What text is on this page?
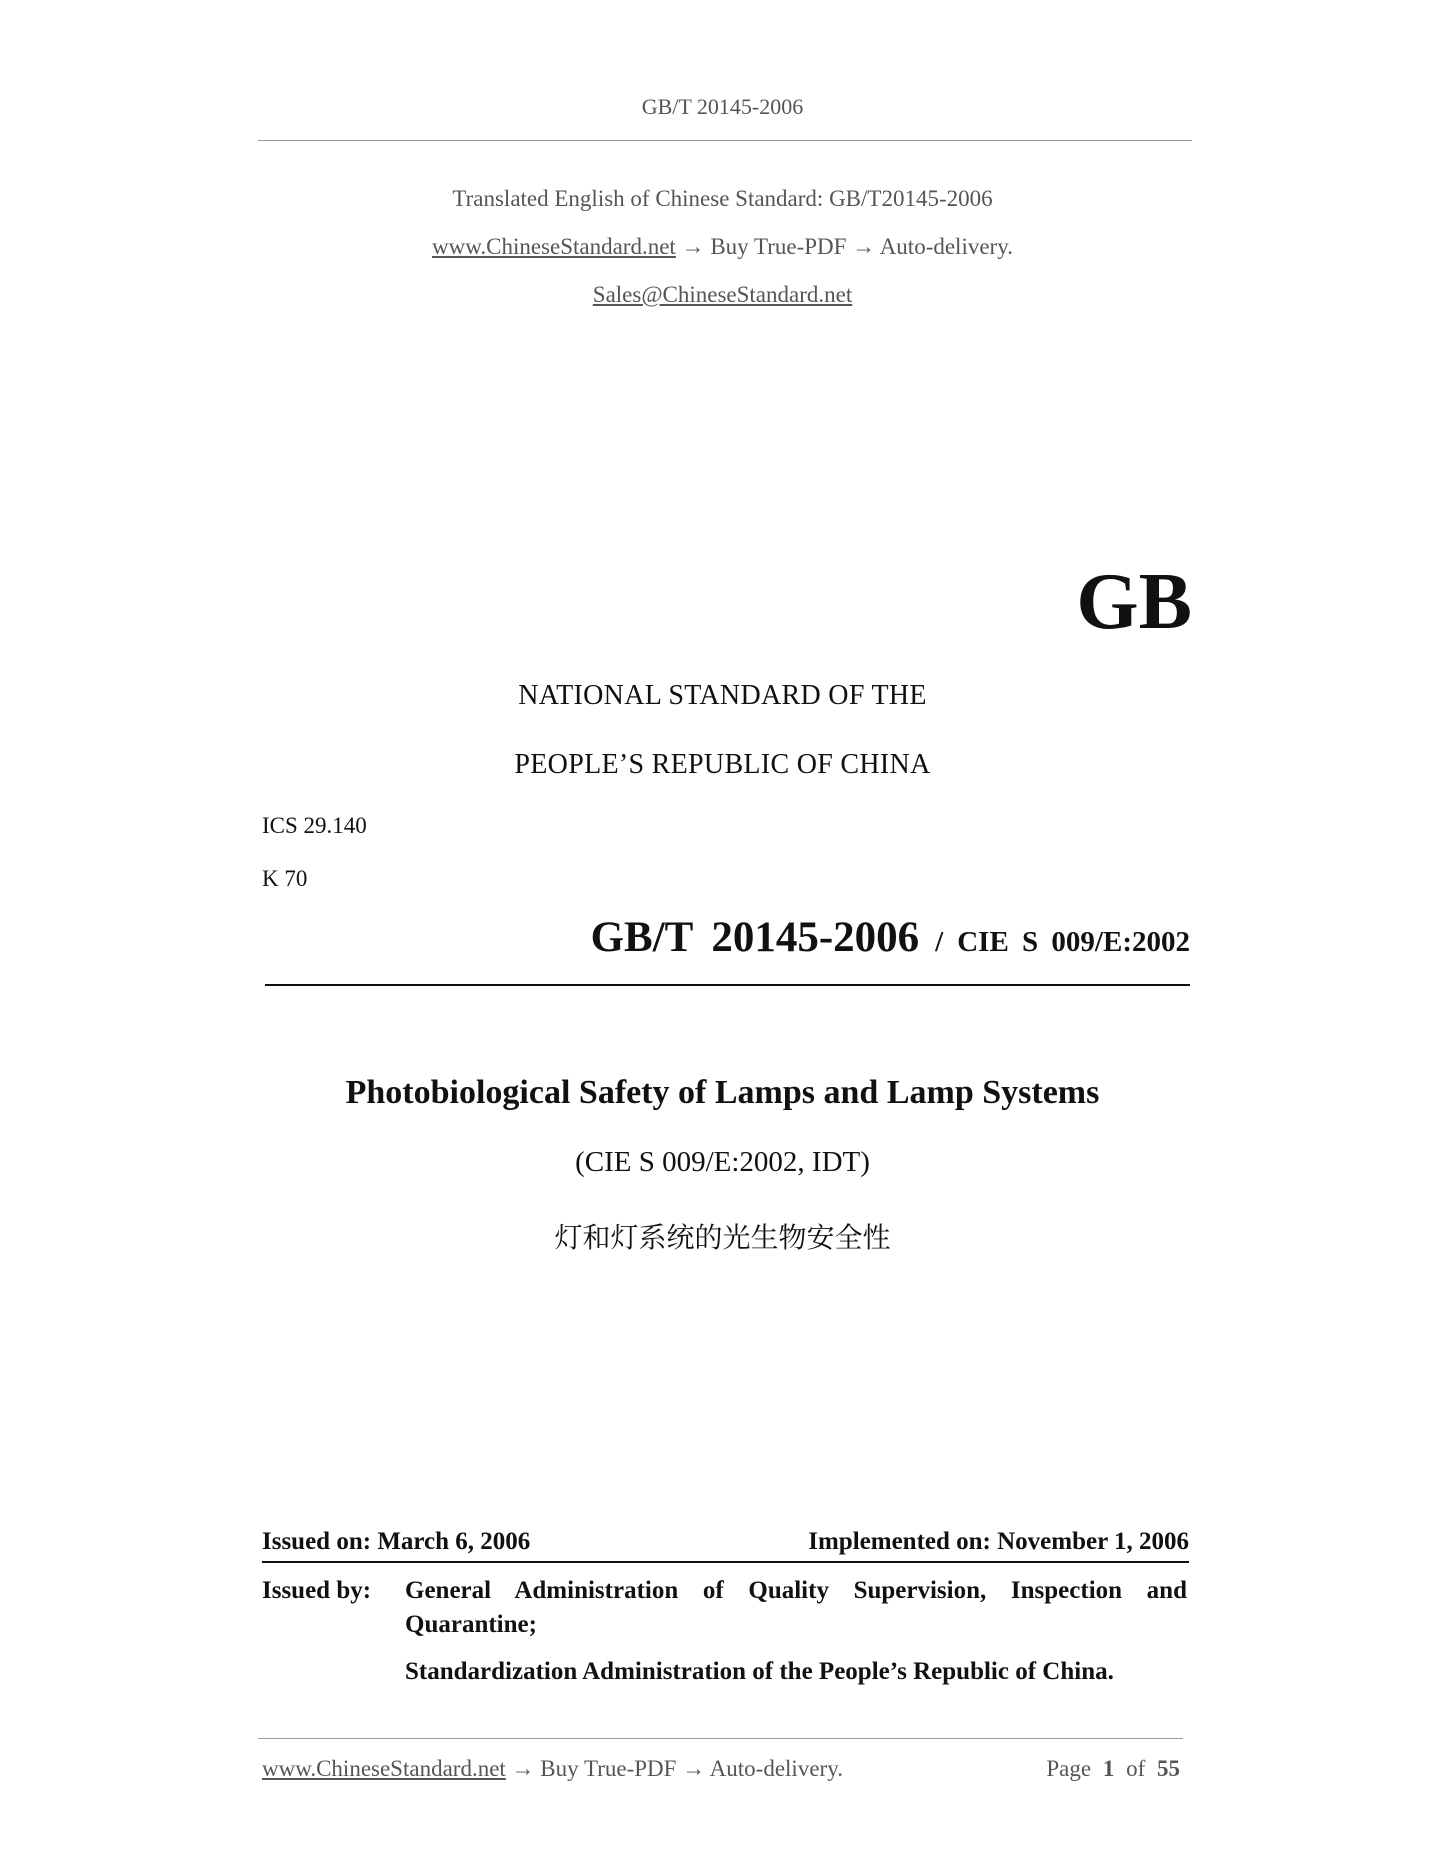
GB/T 20145-2006
Translated English of Chinese Standard: GB/T20145-2006
www.ChineseStandard.net → Buy True-PDF → Auto-delivery.
Sales@ChineseStandard.net
GB
NATIONAL STANDARD OF THE
PEOPLE’S REPUBLIC OF CHINA
ICS 29.140
K 70
GB/T 20145-2006 / CIE S 009/E:2002
Photobiological Safety of Lamps and Lamp Systems
(CIE S 009/E:2002, IDT)
灯和灯系统的光生物安全性
Issued on: March 6, 2006	Implemented on: November 1, 2006
Issued by: General Administration of Quality Supervision, Inspection and
Quarantine;
Standardization Administration of the People’s Republic of China.
www.ChineseStandard.net → Buy True-PDF → Auto-delivery.	Page 1 of 55
